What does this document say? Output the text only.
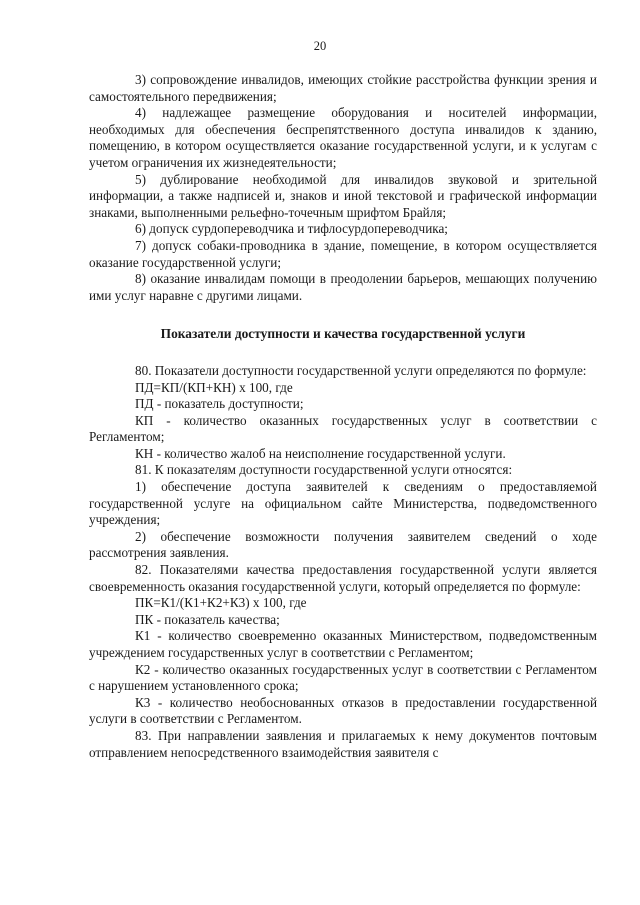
20

3) сопровождение инвалидов, имеющих стойкие расстройства функции зрения и самостоятельного передвижения;

4) надлежащее размещение оборудования и носителей информации, необходимых для обеспечения беспрепятственного доступа инвалидов к зданию, помещению, в котором осуществляется оказание государственной услуги, и к услугам с учетом ограничения их жизнедеятельности;

5) дублирование необходимой для инвалидов звуковой и зрительной информации, а также надписей и, знаков и иной текстовой и графической информации знаками, выполненными рельефно-точечным шрифтом Брайля;

6) допуск сурдопереводчика и тифлосурдопереводчика;

7) допуск собаки-проводника в здание, помещение, в котором осуществляется оказание государственной услуги;

8) оказание инвалидам помощи в преодолении барьеров, мешающих получению ими услуг наравне с другими лицами.

Показатели доступности и качества государственной услуги

80. Показатели доступности государственной услуги определяются по формуле:

ПД=КП/(КП+КН) х 100, где

ПД - показатель доступности;

КП - количество оказанных государственных услуг в соответствии с Регламентом;

КН - количество жалоб на неисполнение государственной услуги.

81. К показателям доступности государственной услуги относятся:

1) обеспечение доступа заявителей к сведениям о предоставляемой государственной услуге на официальном сайте Министерства, подведомственного учреждения;

2) обеспечение возможности получения заявителем сведений о ходе рассмотрения заявления.

82. Показателями качества предоставления государственной услуги является своевременность оказания государственной услуги, который определяется по формуле:

ПК=К1/(К1+К2+К3) х 100, где

ПК - показатель качества;

К1 - количество своевременно оказанных Министерством, подведомственным учреждением государственных услуг в соответствии с Регламентом;

К2 - количество оказанных государственных услуг в соответствии с Регламентом с нарушением установленного срока;

К3 - количество необоснованных отказов в предоставлении государственной услуги в соответствии с Регламентом.

83. При направлении заявления и прилагаемых к нему документов почтовым отправлением непосредственного взаимодействия заявителя с
